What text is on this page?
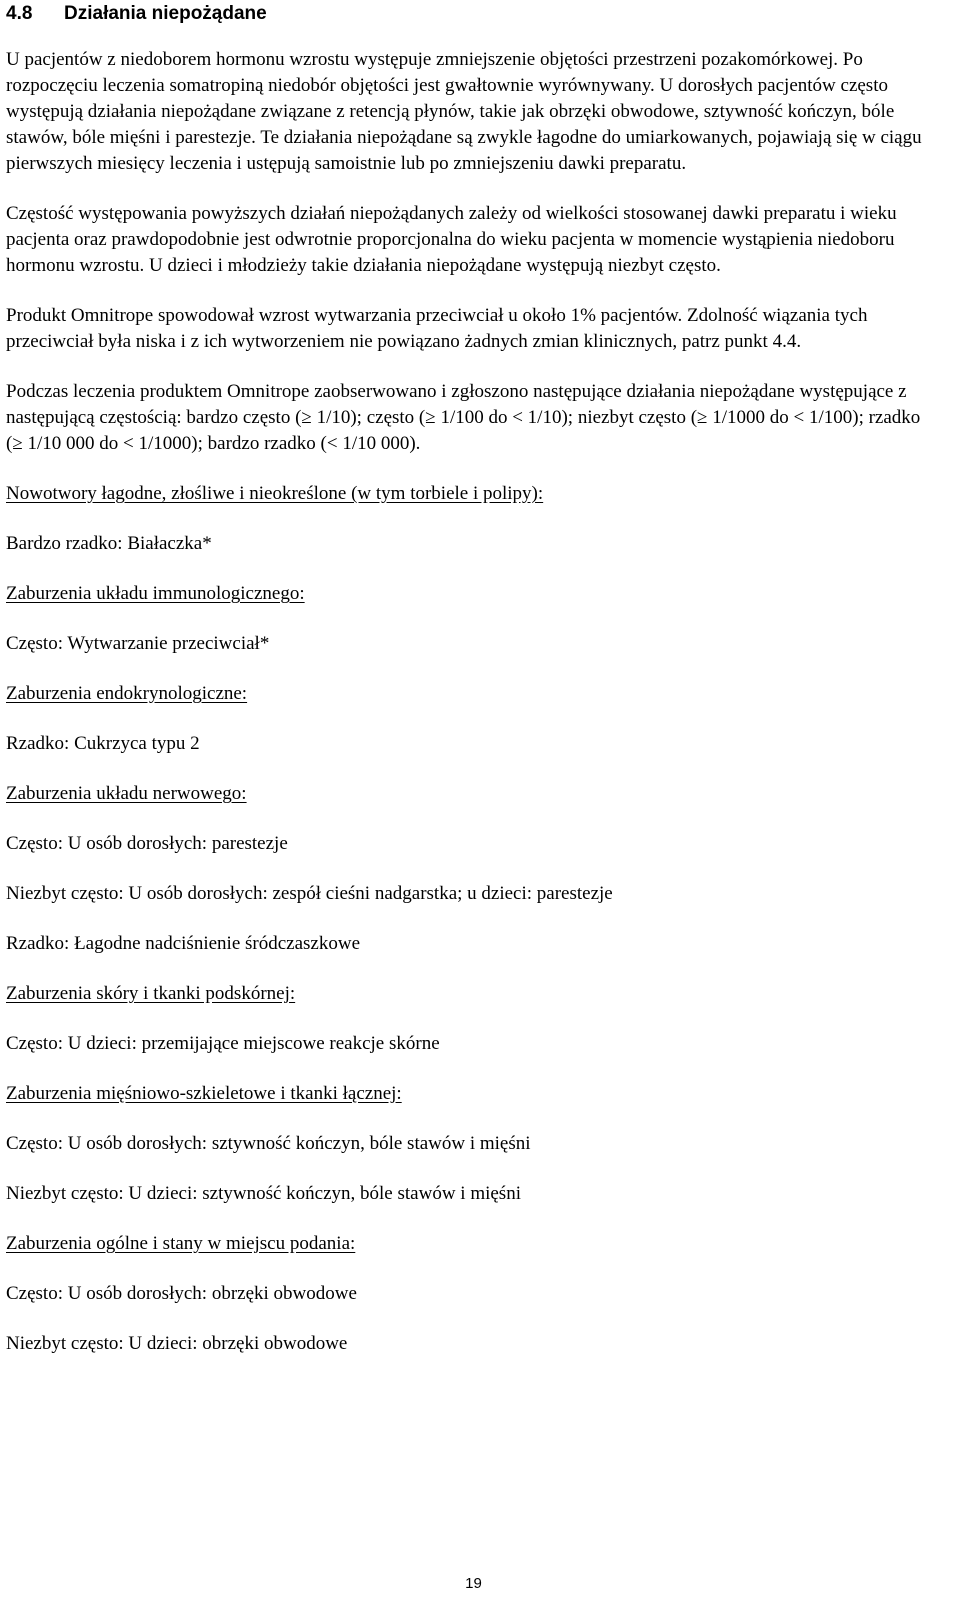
4.8	Działania niepożądane

U pacjentów z niedoborem hormonu wzrostu występuje zmniejszenie objętości przestrzeni pozakomórkowej. Po rozpoczęciu leczenia somatropiną niedobór objętości jest gwałtownie wyrównywany. U dorosłych pacjentów często występują działania niepożądane związane z retencją płynów, takie jak obrzęki obwodowe, sztywność kończyn, bóle stawów, bóle mięśni i parestezje. Te działania niepożądane są zwykle łagodne do umiarkowanych, pojawiają się w ciągu pierwszych miesięcy leczenia i ustępują samoistnie lub po zmniejszeniu dawki preparatu.

Częstość występowania powyższych działań niepożądanych zależy od wielkości stosowanej dawki preparatu i wieku pacjenta oraz prawdopodobnie jest odwrotnie proporcjonalna do wieku pacjenta w momencie wystąpienia niedoboru hormonu wzrostu. U dzieci i młodzieży takie działania niepożądane występują niezbyt często.

Produkt Omnitrope spowodował wzrost wytwarzania przeciwciał u około 1% pacjentów. Zdolność wiązania tych przeciwciał była niska i z ich wytworzeniem nie powiązano żadnych zmian klinicznych, patrz punkt 4.4.

Podczas leczenia produktem Omnitrope zaobserwowano i zgłoszono następujące działania niepożądane występujące z następującą częstością: bardzo często (≥ 1/10); często (≥ 1/100 do < 1/10); niezbyt często (≥ 1/1000 do < 1/100); rzadko (≥ 1/10 000 do < 1/1000); bardzo rzadko (< 1/10 000).

Nowotwory łagodne, złośliwe i nieokreślone (w tym torbiele i polipy):

Bardzo rzadko: Białaczka*

Zaburzenia układu immunologicznego:

Często: Wytwarzanie przeciwciał*

Zaburzenia endokrynologiczne:

Rzadko: Cukrzyca typu 2

Zaburzenia układu nerwowego:

Często: U osób dorosłych: parestezje

Niezbyt często: U osób dorosłych: zespół cieśni nadgarstka; u dzieci: parestezje

Rzadko: Łagodne nadciśnienie śródczaszkowe

Zaburzenia skóry i tkanki podskórnej:

Często: U dzieci: przemijające miejscowe reakcje skórne

Zaburzenia mięśniowo-szkieletowe i tkanki łącznej:

Często: U osób dorosłych: sztywność kończyn, bóle stawów i mięśni

Niezbyt często: U dzieci: sztywność kończyn, bóle stawów i mięśni

Zaburzenia ogólne i stany w miejscu podania:

Często: U osób dorosłych: obrzęki obwodowe

Niezbyt często: U dzieci: obrzęki obwodowe

19
